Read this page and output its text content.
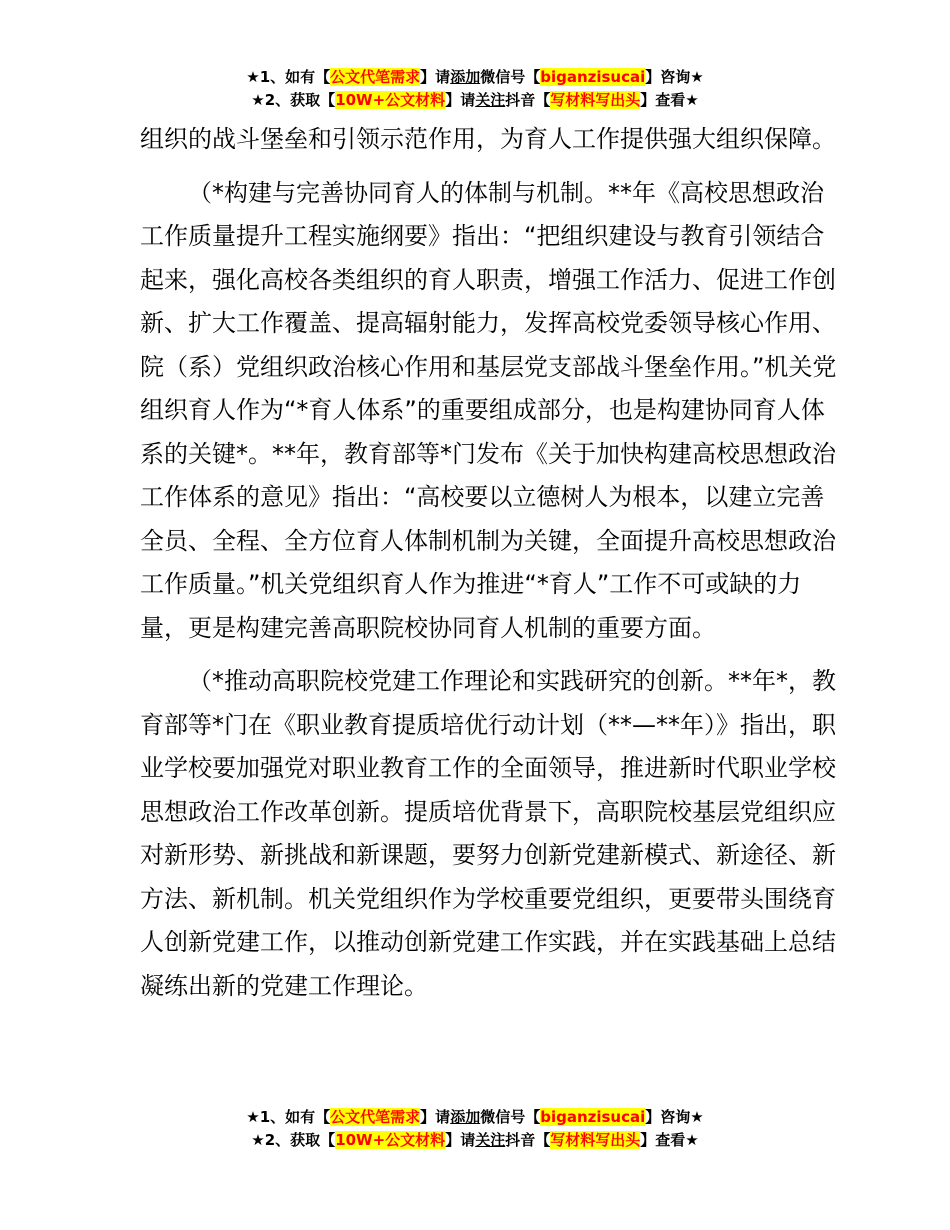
★1、如有【公文代笔需求】请添加微信号【biganzisucai】咨询★
★2、获取【10W+公文材料】请关注抖音【写材料写出头】查看★

组织的战斗堡垒和引领示范作用，为育人工作提供强大组织保障。

（*构建与完善协同育人的体制与机制。**年《高校思想政治工作质量提升工程实施纲要》指出：“把组织建设与教育引领结合起来，强化高校各类组织的育人职责，增强工作活力、促进工作创新、扩大工作覆盖、提高辐射能力，发挥高校党委领导核心作用、院（系）党组织政治核心作用和基层党支部战斗堡垒作用。”机关党组织育人作为“*育人体系”的重要组成部分，也是构建协同育人体系的关键*。**年，教育部等*门发布《关于加快构建高校思想政治工作体系的意见》指出：“高校要以立德树人为根本，以建立完善全员、全程、全方位育人体制机制为关键，全面提升高校思想政治工作质量。”机关党组织育人作为推进“*育人”工作不可或缺的力量，更是构建完善高职院校协同育人机制的重要方面。

（*推动高职院校党建工作理论和实践研究的创新。**年*，教育部等*门在《职业教育提质培优行动计划（**—**年）》指出，职业学校要加强党对职业教育工作的全面领导，推进新时代职业学校思想政治工作改革创新。提质培优背景下，高职院校基层党组织应对新形势、新挑战和新课题，要努力创新党建新模式、新途径、新方法、新机制。机关党组织作为学校重要党组织，更要带头围绕育人创新党建工作，以推动创新党建工作实践，并在实践基础上总结凝练出新的党建工作理论。

★1、如有【公文代笔需求】请添加微信号【biganzisucai】咨询★
★2、获取【10W+公文材料】请关注抖音【写材料写出头】查看★
